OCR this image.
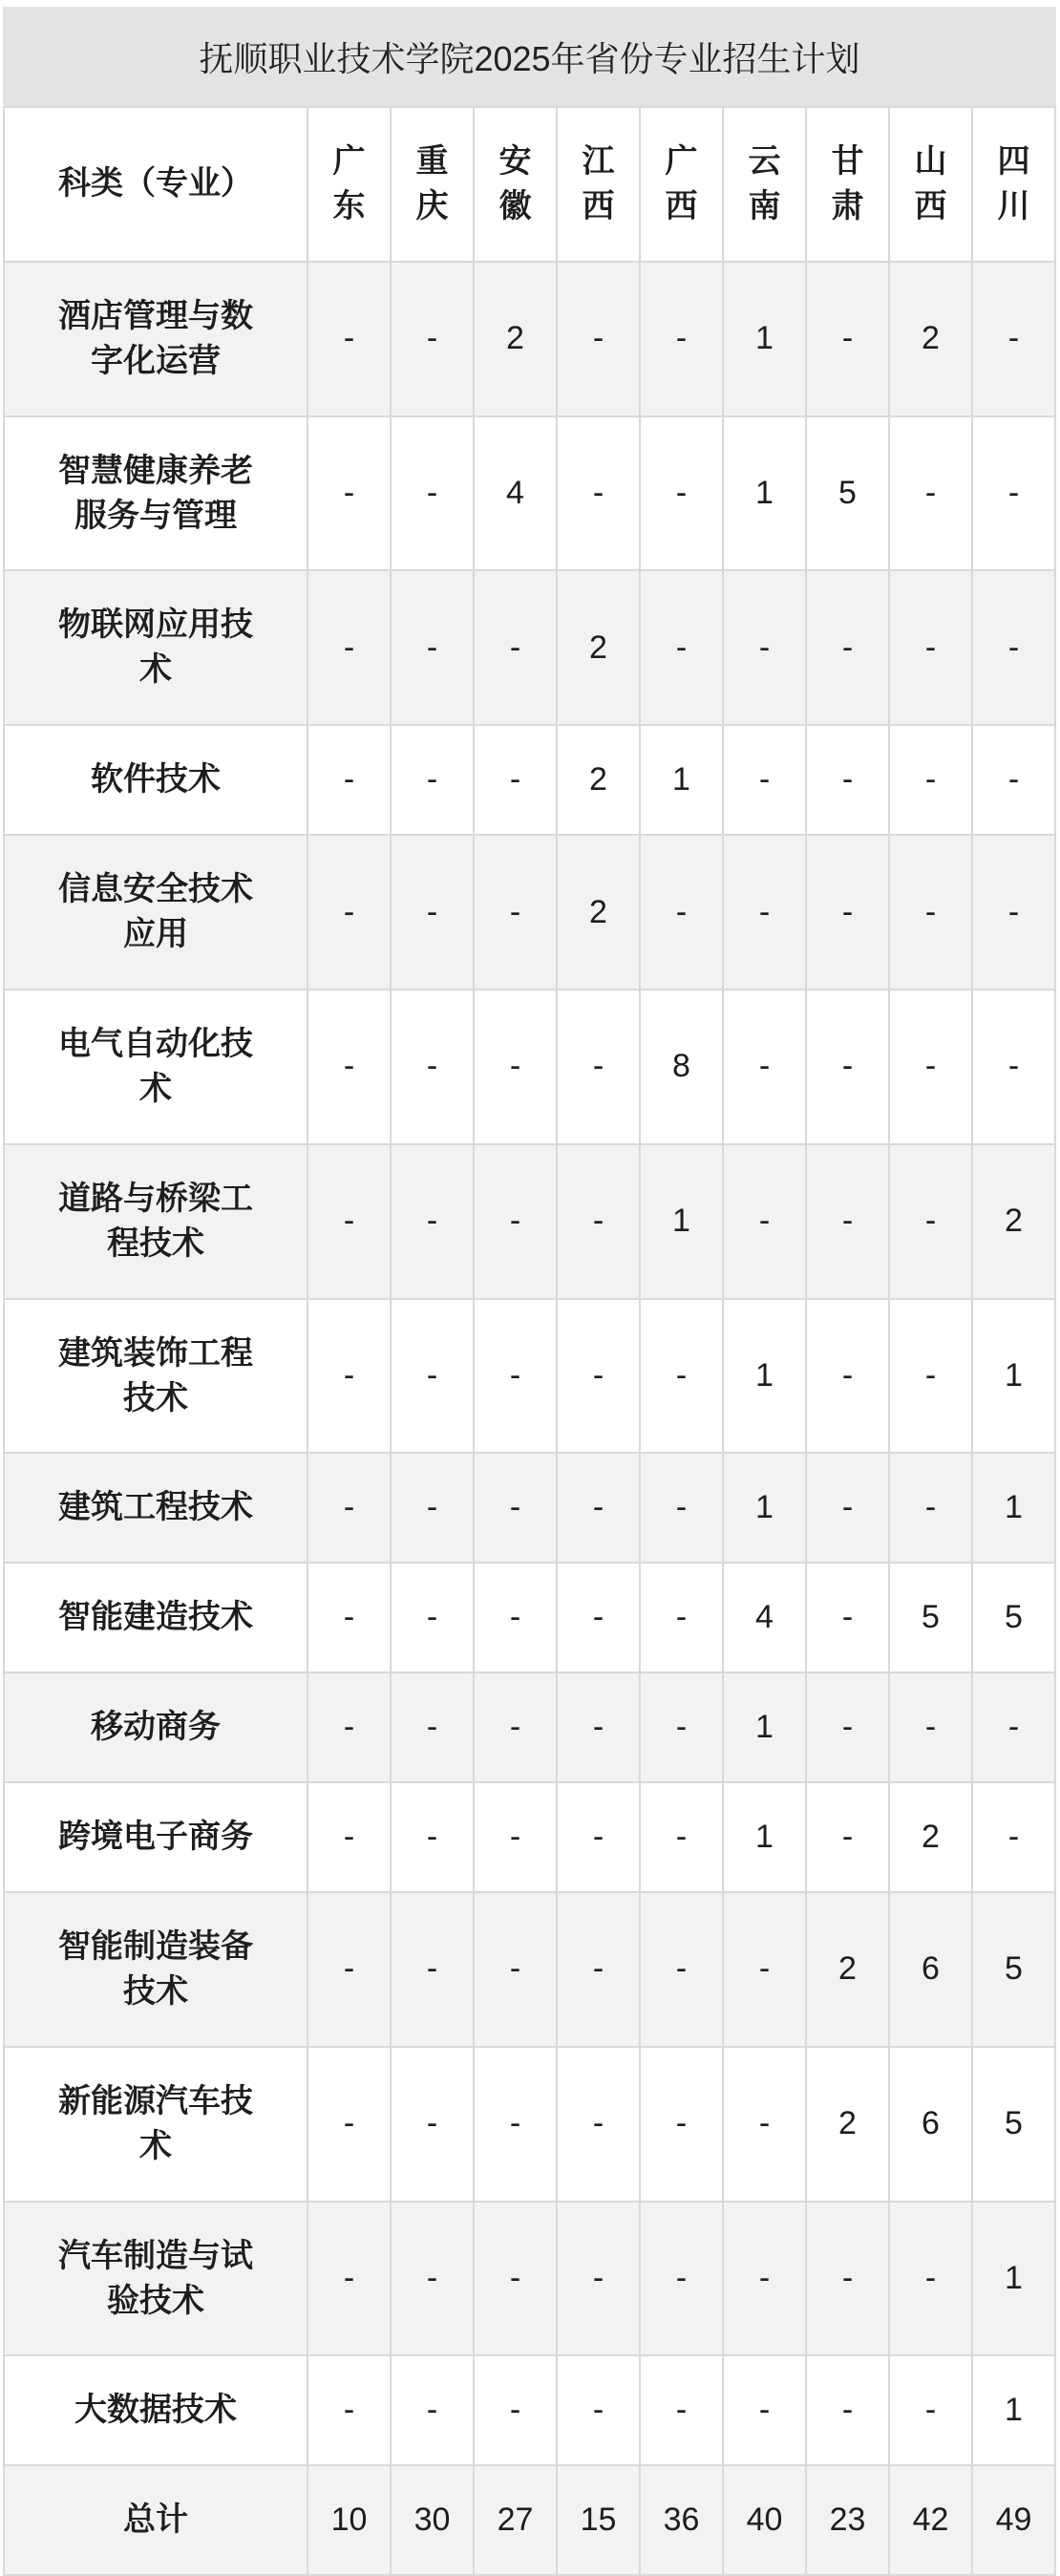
抚顺职业技术学院2025年省份专业招生计划
科类（专业）	广东	重庆	安徽	江西	广西	云南	甘肃	山西	四川
酒店管理与数字化运营	-	-	2	-	-	1	-	2	-
智慧健康养老服务与管理	-	-	4	-	-	1	5	-	-
物联网应用技术	-	-	-	2	-	-	-	-	-
软件技术	-	-	-	2	1	-	-	-	-
信息安全技术应用	-	-	-	2	-	-	-	-	-
电气自动化技术	-	-	-	-	8	-	-	-	-
道路与桥梁工程技术	-	-	-	-	1	-	-	-	2
建筑装饰工程技术	-	-	-	-	-	1	-	-	1
建筑工程技术	-	-	-	-	-	1	-	-	1
智能建造技术	-	-	-	-	-	4	-	5	5
移动商务	-	-	-	-	-	1	-	-	-
跨境电子商务	-	-	-	-	-	1	-	2	-
智能制造装备技术	-	-	-	-	-	-	2	6	5
新能源汽车技术	-	-	-	-	-	-	2	6	5
汽车制造与试验技术	-	-	-	-	-	-	-	-	1
大数据技术	-	-	-	-	-	-	-	-	1
总计	10	30	27	15	36	40	23	42	49
